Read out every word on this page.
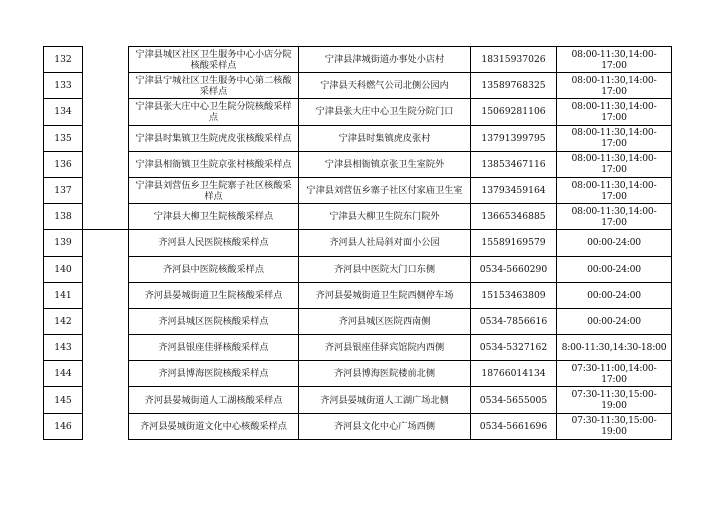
132		宁津县城区社区卫生服务中心小店分院核酸采样点	宁津县津城街道办事处小店村	18315937026	08:00-11:30,14:00-17:00
133		宁津县宁城社区卫生服务中心第二核酸采样点	宁津县天科燃气公司北侧公园内	13589768325	08:00-11:30,14:00-17:00
134		宁津县张大庄中心卫生院分院核酸采样点	宁津县张大庄中心卫生院分院门口	15069281106	08:00-11:30,14:00-17:00
135		宁津县时集镇卫生院虎皮张核酸采样点	宁津县时集镇虎皮张村	13791399795	08:00-11:30,14:00-17:00
136		宁津县相衙镇卫生院京张村核酸采样点	宁津县相衙镇京张卫生室院外	13853467116	08:00-11:30,14:00-17:00
137		宁津县刘营伍乡卫生院寨子社区核酸采样点	宁津县刘营伍乡寨子社区付家庙卫生室	13793459164	08:00-11:30,14:00-17:00
138		宁津县大柳卫生院核酸采样点	宁津县大柳卫生院东门院外	13665346885	08:00-11:30,14:00-17:00
139		齐河县人民医院核酸采样点	齐河县人社局斜对面小公园	15589169579	00:00-24:00
140		齐河县中医院核酸采样点	齐河县中医院大门口东侧	0534-5660290	00:00-24:00
141		齐河县晏城街道卫生院核酸采样点	齐河县晏城街道卫生院西侧停车场	15153463809	00:00-24:00
142		齐河县城区医院核酸采样点	齐河县城区医院西南侧	0534-7856616	00:00-24:00
143		齐河县银座佳驿核酸采样点	齐河县银座佳驿宾馆院内西侧	0534-5327162	8:00-11:30,14:30-18:00
144		齐河县博海医院核酸采样点	齐河县博海医院楼前北侧	18766014134	07:30-11:00,14:00-17:00
145		齐河县晏城街道人工湖核酸采样点	齐河县晏城街道人工湖广场北侧	0534-5655005	07:30-11:30,15:00-19:00
146		齐河县晏城街道文化中心核酸采样点	齐河县文化中心广场西侧	0534-5661696	07:30-11:30,15:00-19:00
